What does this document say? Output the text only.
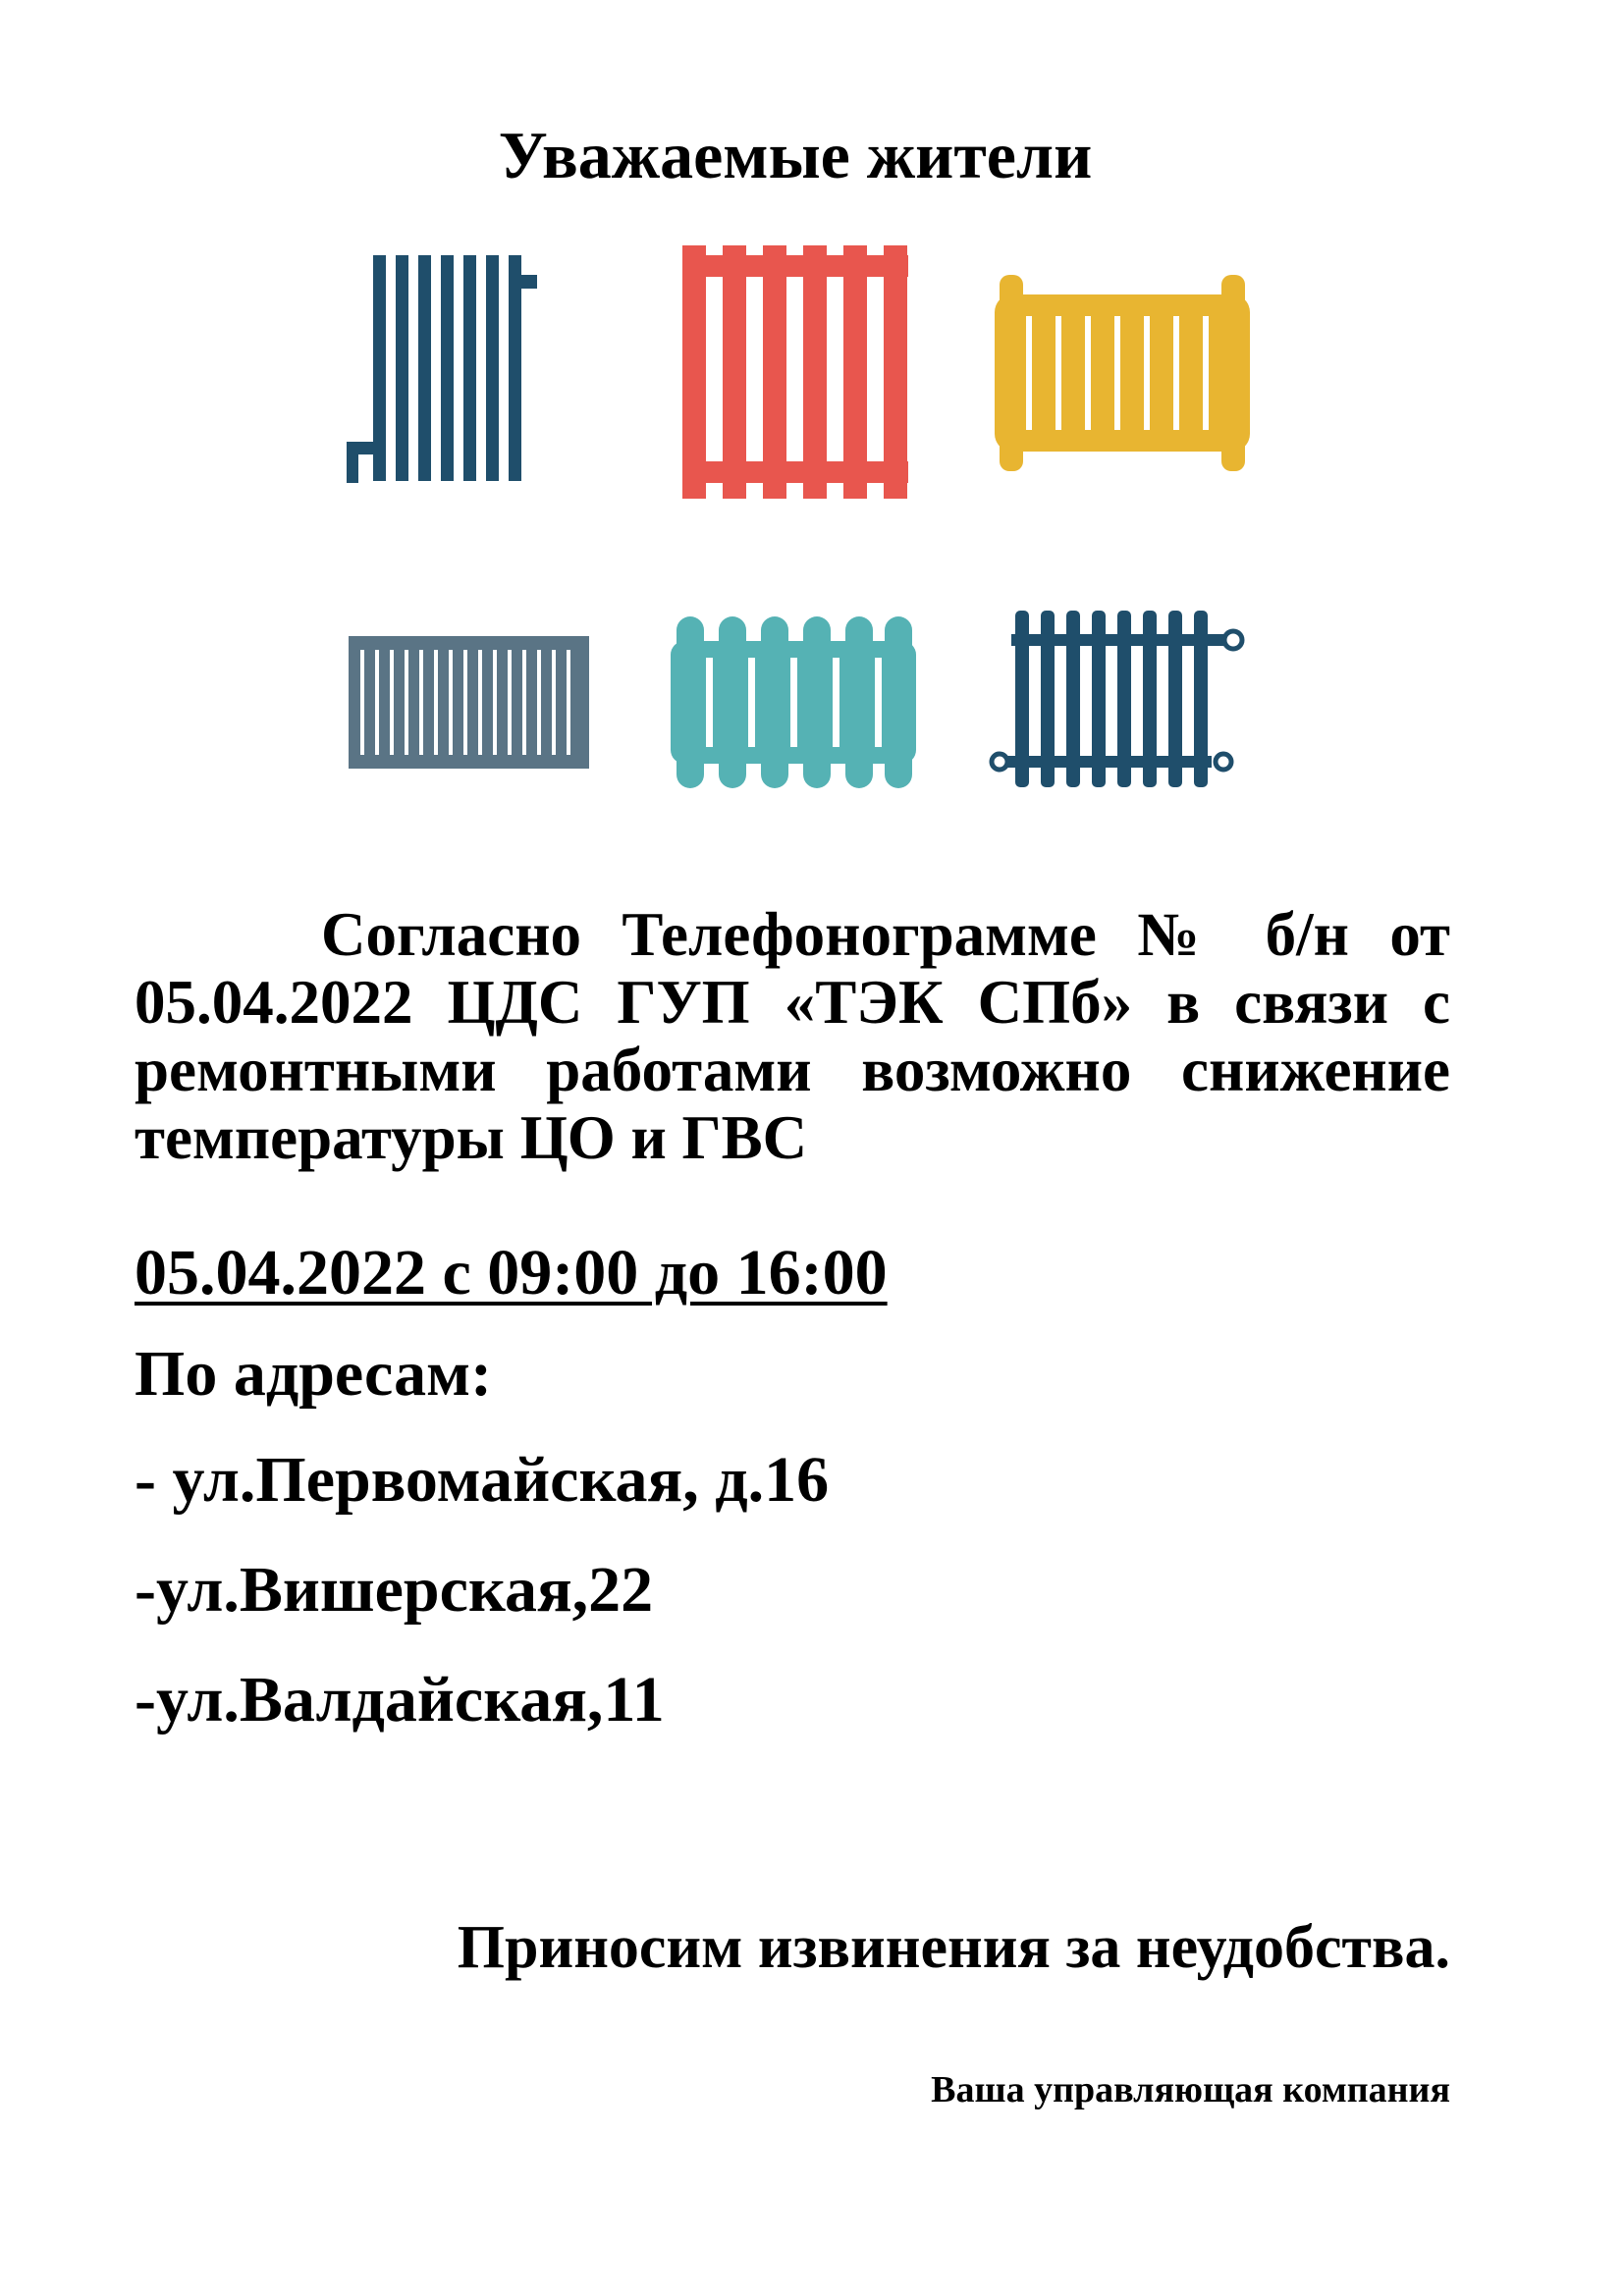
Уважаемые жители
Согласно Телефонограмме № б/н от 05.04.2022 ЦДС ГУП «ТЭК СПб» в связи с ремонтными работами возможно снижение температуры ЦО и ГВС
05.04.2022 с 09:00 до 16:00
По адресам:
- ул.Первомайская, д.16
-ул.Вишерская,22
-ул.Валдайская,11
Приносим извинения за неудобства.
Ваша управляющая компания
